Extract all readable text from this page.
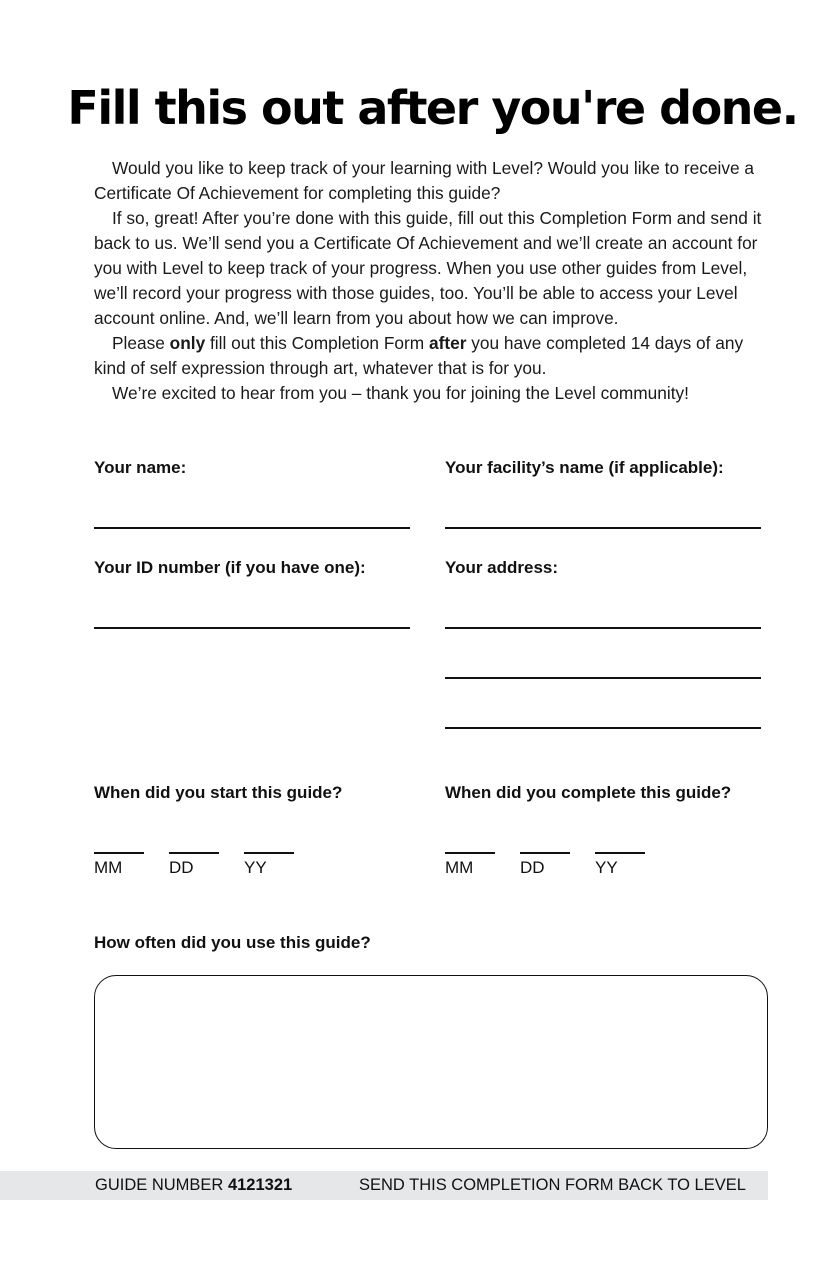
Fill this out after you're done.

Would you like to keep track of your learning with Level? Would you like to receive a Certificate Of Achievement for completing this guide?

If so, great! After you’re done with this guide, fill out this Completion Form and send it back to us. We’ll send you a Certificate Of Achievement and we’ll create an account for you with Level to keep track of your progress. When you use other guides from Level, we’ll record your progress with those guides, too. You’ll be able to access your Level account online. And, we’ll learn from you about how we can improve.

Please only fill out this Completion Form after you have completed 14 days of any kind of self expression through art, whatever that is for you.

We’re excited to hear from you – thank you for joining the Level community!

Your name:	Your facility’s name (if applicable):
Your ID number (if you have one):	Your address:
When did you start this guide?	When did you complete this guide?
MM	DD	YY	MM	DD	YY
How often did you use this guide?
GUIDE NUMBER 4121321	SEND THIS COMPLETION FORM BACK TO LEVEL
